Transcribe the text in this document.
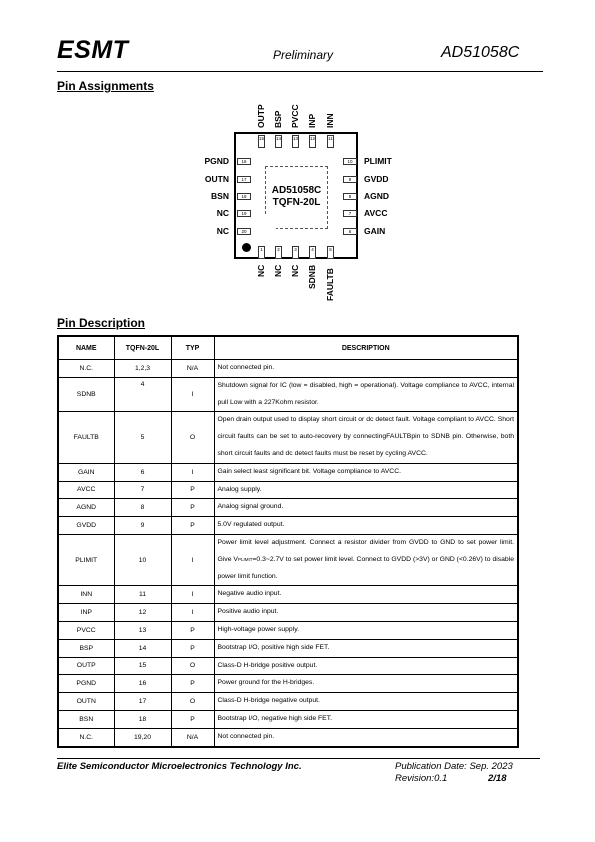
ESMT	Preliminary	AD51058C
Pin Assignments
AD51058C
TQFN-20L
15
OUTP
14
BSP
13
PVCC
12
INP
11
INN
1
NC
2
NC
3
NC
4
SDNB
5
FAULTB
16
PGND
17
OUTN
18
BSN
19
NC
20
NC
10	PLIMIT
9	GVDD
8	AGND
7	AVCC
6	GAIN
Pin Description
NAME	TQFN-20L	TYP	DESCRIPTION
N.C.	1,2,3	N/A	Not connected pin.
SDNB	4	I	Shutdown signal for IC (low = disabled, high = operational). Voltage compliance to AVCC, internal pull Low with a 227Kohm resistor.
FAULTB	5	O	Open drain output used to display short circuit or dc detect fault. Voltage compliant to AVCC. Short circuit faults can be set to auto-recovery by connectingFAULTBpin to SDNB pin. Otherwise, both short circuit faults and dc detect faults must be reset by cycling AVCC.
GAIN	6	I	Gain select least significant bit. Voltage compliance to AVCC.
AVCC	7	P	Analog supply.
AGND	8	P	Analog signal ground.
GVDD	9	P	5.0V regulated output.
PLIMIT	10	I	Power limit level adjustment. Connect a resistor divider from GVDD to GND to set power limit. Give VPLIMIT=0.3~2.7V to set power limit level. Connect to GVDD (>3V) or GND (<0.26V) to disable power limit function.
INN	11	I	Negative audio input.
INP	12	I	Positive audio input.
PVCC	13	P	High-voltage power supply.
BSP	14	P	Bootstrap I/O, positive high side FET.
OUTP	15	O	Class-D H-bridge positive output.
PGND	16	P	Power ground for the H-bridges.
OUTN	17	O	Class-D H-bridge negative output.
BSN	18	P	Bootstrap I/O, negative high side FET.
N.C.	19,20	N/A	Not connected pin.
Elite Semiconductor Microelectronics Technology Inc.	Publication Date: Sep. 2023
Revision:0.1	2/18
